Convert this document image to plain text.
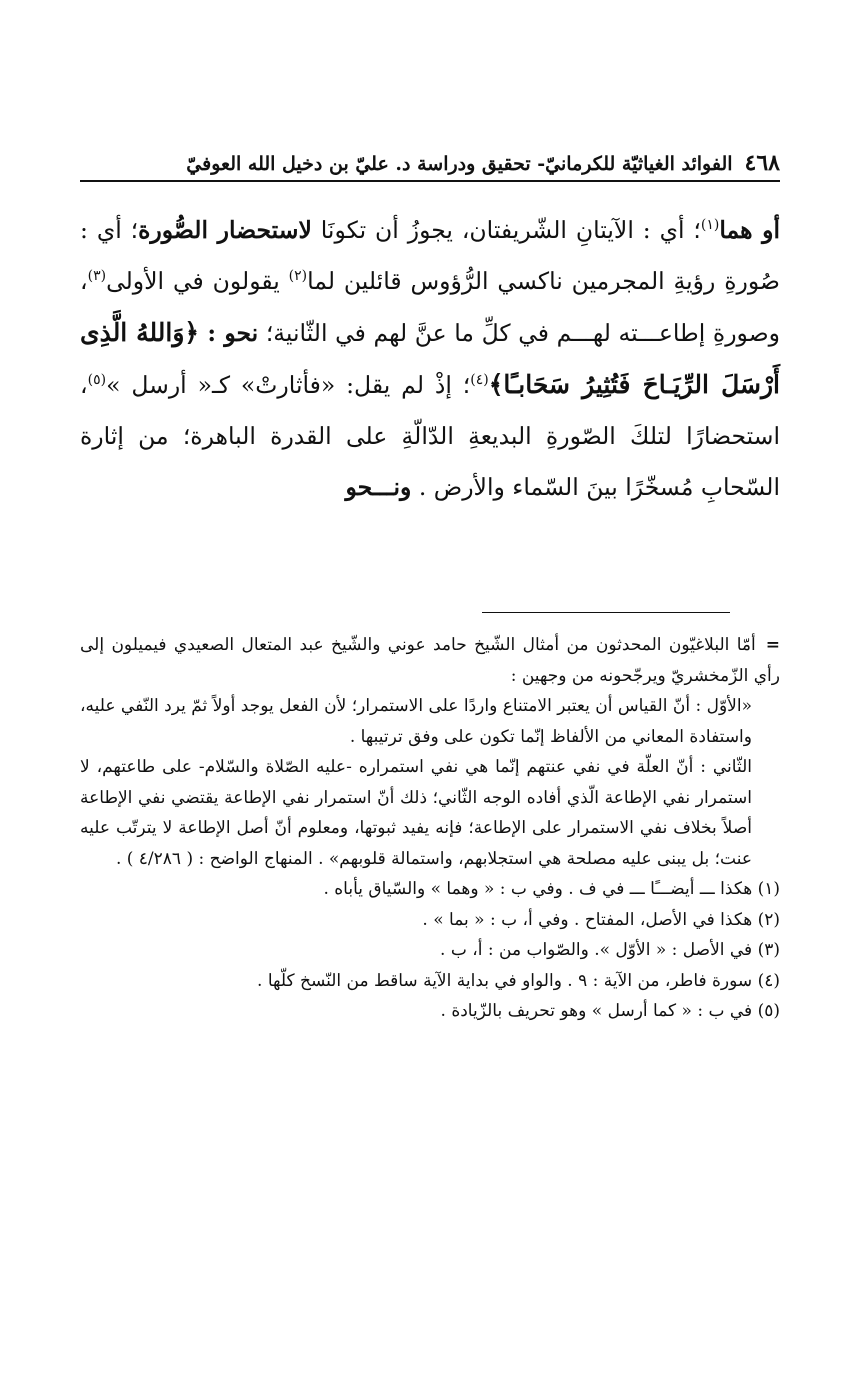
٤٦٨
الفوائد الغياثيّة للكرمانيّ- تحقيق ودراسة د. عليّ بن دخيل الله العوفيّ

أو هما$^{(١)}$؛ أي : الآيتانِ الشّريفتان، يجوزُ أن تكونَا لاستحضار الصُّورة؛ أي : صُورةِ رؤيةِ المجرمين ناكسي الرُّؤوس قائلين لما$^{(٢)}$ يقولون في الأولى$^{(٣)}$، وصورةِ إطاعـــته لهـــم في كلِّ ما عنَّ لهم في الثّانية؛ نحو : ﴿وَاللهُ الَّذِى أَرْسَلَ الرِّيَـاحَ فَتُثِيرُ سَحَابـًا﴾$^{(٤)}$؛ إذْ لم يقل: «فأثارتْ» كـ« أرسل »$^{(٥)}$، استحضارًا لتلكَ الصّورةِ البديعةِ الدّالّةِ على القدرة الباهرة؛ من إثارة السّحابِ مُسخّرًا بينَ السّماء والأرض . ونـــحو

=أمّا البلاغيّون المحدثون من أمثال الشّيخ حامد عوني والشّيخ عبد المتعال الصعيدي فيميلون إلى رأي الزّمخشريّ ويرجّحونه من وجهين :

«الأوّل : أنّ القياس أن يعتبر الامتناع واردًا على الاستمرار؛ لأن الفعل يوجد أولاً ثمّ يرد النّفي عليه، واستفادة المعاني من الألفاظ إنّما تكون على وفق ترتيبها .

الثّاني : أنّ العلّة في نفي عنتهم إنّما هي نفي استمراره -عليه الصّلاة والسّلام- على طاعتهم، لا استمرار نفي الإطاعة الّذي أفاده الوجه الثّاني؛ ذلك أنّ استمرار نفي الإطاعة يقتضي نفي الإطاعة أصلاً بخلاف نفي الاستمرار على الإطاعة؛ فإنه يفيد ثبوتها، ومعلوم أنّ أصل الإطاعة لا يترتّب عليه عنت؛ بل يبنى عليه مصلحة هي استجلابهم، واستمالة قلوبهم» . المنهاج الواضح : ( ٤/٢٨٦ ) .

(١) هكذا ـــ أيضـــًا ـــ في ف . وفي ب : « وهما » والسّياق يأباه .

(٢) هكذا في الأصل، المفتاح . وفي أ، ب : « بما » .

(٣) في الأصل : « الأوّل ». والصّواب من : أ، ب .

(٤) سورة فاطر، من الآية : ٩ . والواو في بداية الآية ساقط من النّسخ كلّها .

(٥) في ب : « كما أرسل » وهو تحريف بالزّيادة .
